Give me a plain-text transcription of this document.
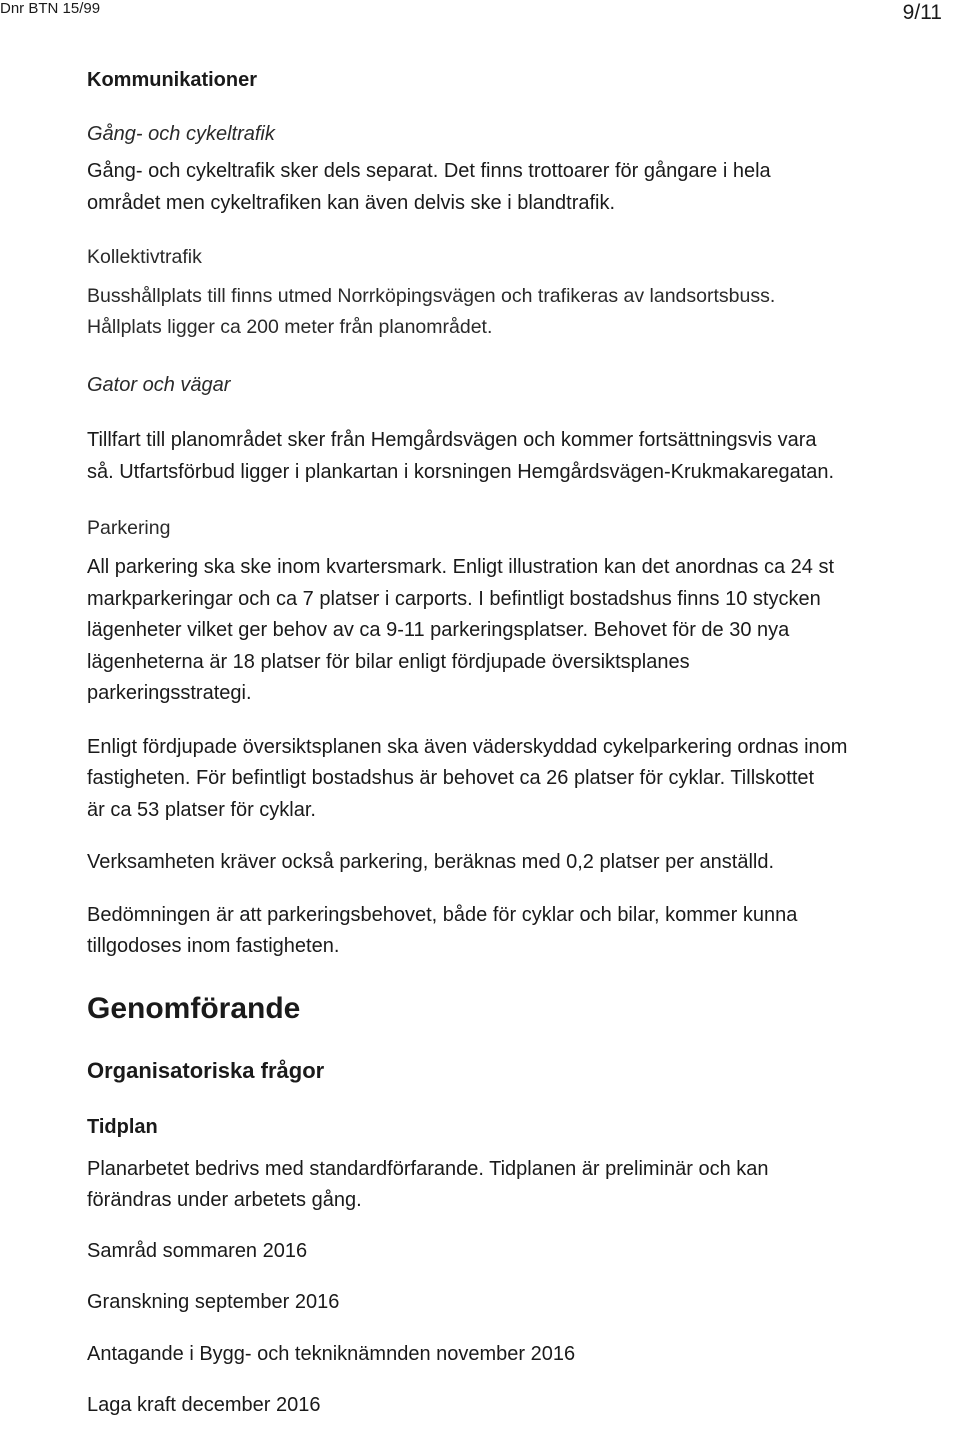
Dnr BTN 15/99	9/11
Kommunikationer
Gång- och cykeltrafik
Gång- och cykeltrafik sker dels separat. Det finns trottoarer för gångare i hela
området men cykeltrafiken kan även delvis ske i blandtrafik.
Kollektivtrafik
Busshållplats till finns utmed Norrköpingsvägen och trafikeras av landsortsbuss.
Hållplats ligger ca 200 meter från planområdet.
Gator och vägar
Tillfart till planområdet sker från Hemgårdsvägen och kommer fortsättningsvis vara
så. Utfartsförbud ligger i plankartan i korsningen Hemgårdsvägen-Krukmakaregatan.
Parkering
All parkering ska ske inom kvartersmark. Enligt illustration kan det anordnas ca 24 st
markparkeringar och ca 7 platser i carports. I befintligt bostadshus finns 10 stycken
lägenheter vilket ger behov av ca 9-11 parkeringsplatser. Behovet för de 30 nya
lägenheterna är 18 platser för bilar enligt fördjupade översiktsplanes
parkeringsstrategi.
Enligt fördjupade översiktsplanen ska även väderskyddad cykelparkering ordnas inom
fastigheten. För befintligt bostadshus är behovet ca 26 platser för cyklar. Tillskottet
är ca 53 platser för cyklar.
Verksamheten kräver också parkering, beräknas med 0,2 platser per anställd.
Bedömningen är att parkeringsbehovet, både för cyklar och bilar, kommer kunna
tillgodoses inom fastigheten.
Genomförande
Organisatoriska frågor
Tidplan
Planarbetet bedrivs med standardförfarande. Tidplanen är preliminär och kan
förändras under arbetets gång.
Samråd sommaren 2016
Granskning september 2016
Antagande i Bygg- och tekniknämnden november 2016
Laga kraft december 2016
